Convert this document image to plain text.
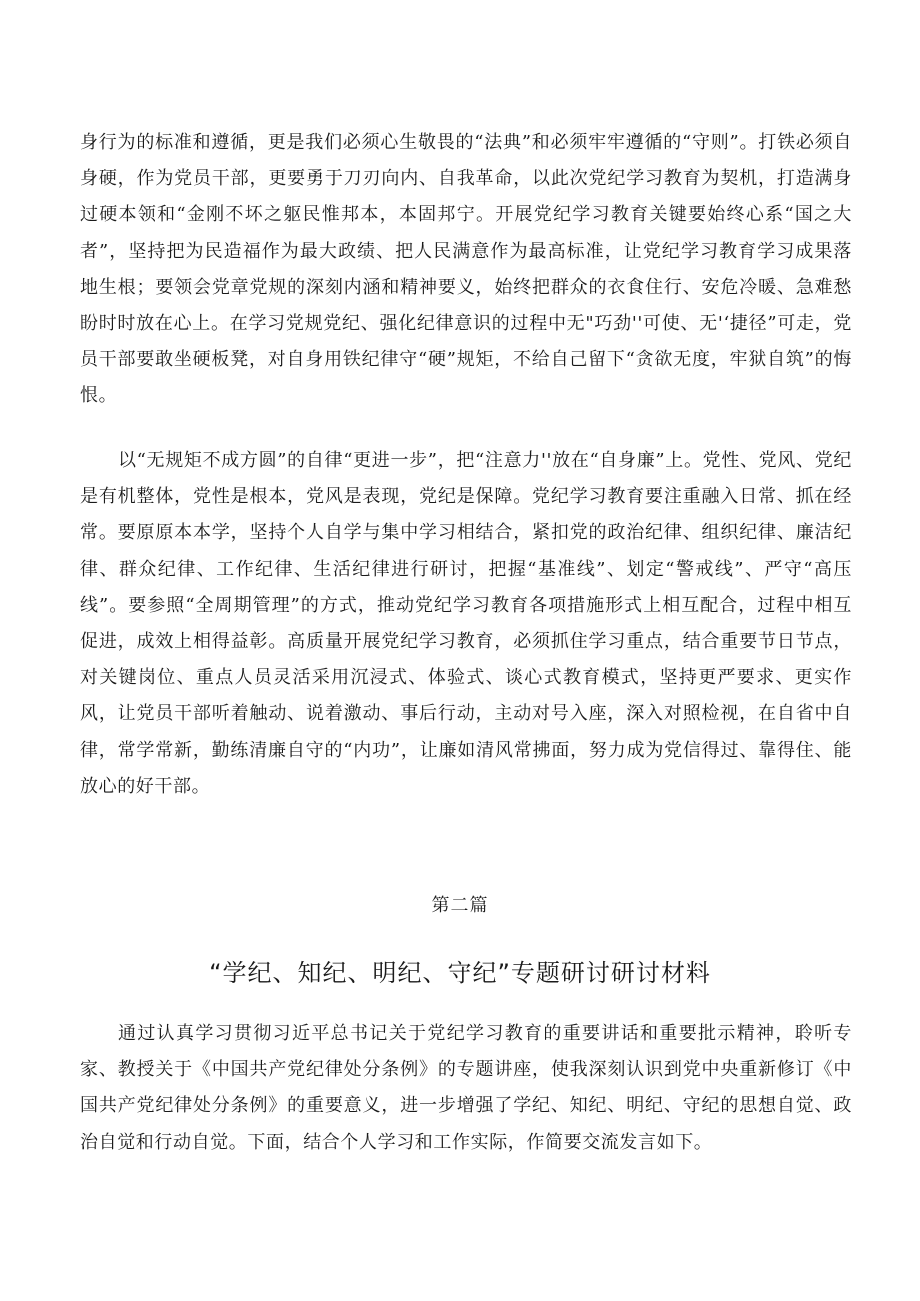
身行为的标准和遵循，更是我们必须心生敬畏的“法典”和必须牢牢遵循的“守则”。打铁必须自身硬，作为党员干部，更要勇于刀刃向内、自我革命，以此次党纪学习教育为契机，打造满身过硬本领和“金刚不坏之躯民惟邦本，本固邦宁。开展党纪学习教育关键要始终心系“国之大者”，坚持把为民造福作为最大政绩、把人民满意作为最高标准，让党纪学习教育学习成果落地生根；要领会党章党规的深刻内涵和精神要义，始终把群众的衣食住行、安危冷暖、急难愁盼时时放在心上。在学习党规党纪、强化纪律意识的过程中无"巧劲''可使、无'‘捷径”可走，党员干部要敢坐硬板凳，对自身用铁纪律守“硬”规矩，不给自己留下“贪欲无度，牢狱自筑”的悔恨。

以“无规矩不成方圆”的自律“更进一步”，把“注意力''放在“自身廉”上。党性、党风、党纪是有机整体，党性是根本，党风是表现，党纪是保障。党纪学习教育要注重融入日常、抓在经常。要原原本本学，坚持个人自学与集中学习相结合，紧扣党的政治纪律、组织纪律、廉洁纪律、群众纪律、工作纪律、生活纪律进行研讨，把握“基准线”、划定“警戒线”、严守“高压线”。要参照“全周期管理”的方式，推动党纪学习教育各项措施形式上相互配合，过程中相互促进，成效上相得益彰。高质量开展党纪学习教育，必须抓住学习重点，结合重要节日节点，对关键岗位、重点人员灵活采用沉浸式、体验式、谈心式教育模式，坚持更严要求、更实作风，让党员干部听着触动、说着激动、事后行动，主动对号入座，深入对照检视，在自省中自律，常学常新，勤练清廉自守的“内功”，让廉如清风常拂面，努力成为党信得过、靠得住、能放心的好干部。

第二篇
“学纪、知纪、明纪、守纪”专题研讨研讨材料

通过认真学习贯彻习近平总书记关于党纪学习教育的重要讲话和重要批示精神，聆听专家、教授关于《中国共产党纪律处分条例》的专题讲座，使我深刻认识到党中央重新修订《中国共产党纪律处分条例》的重要意义，进一步增强了学纪、知纪、明纪、守纪的思想自觉、政治自觉和行动自觉。下面，结合个人学习和工作实际，作简要交流发言如下。
